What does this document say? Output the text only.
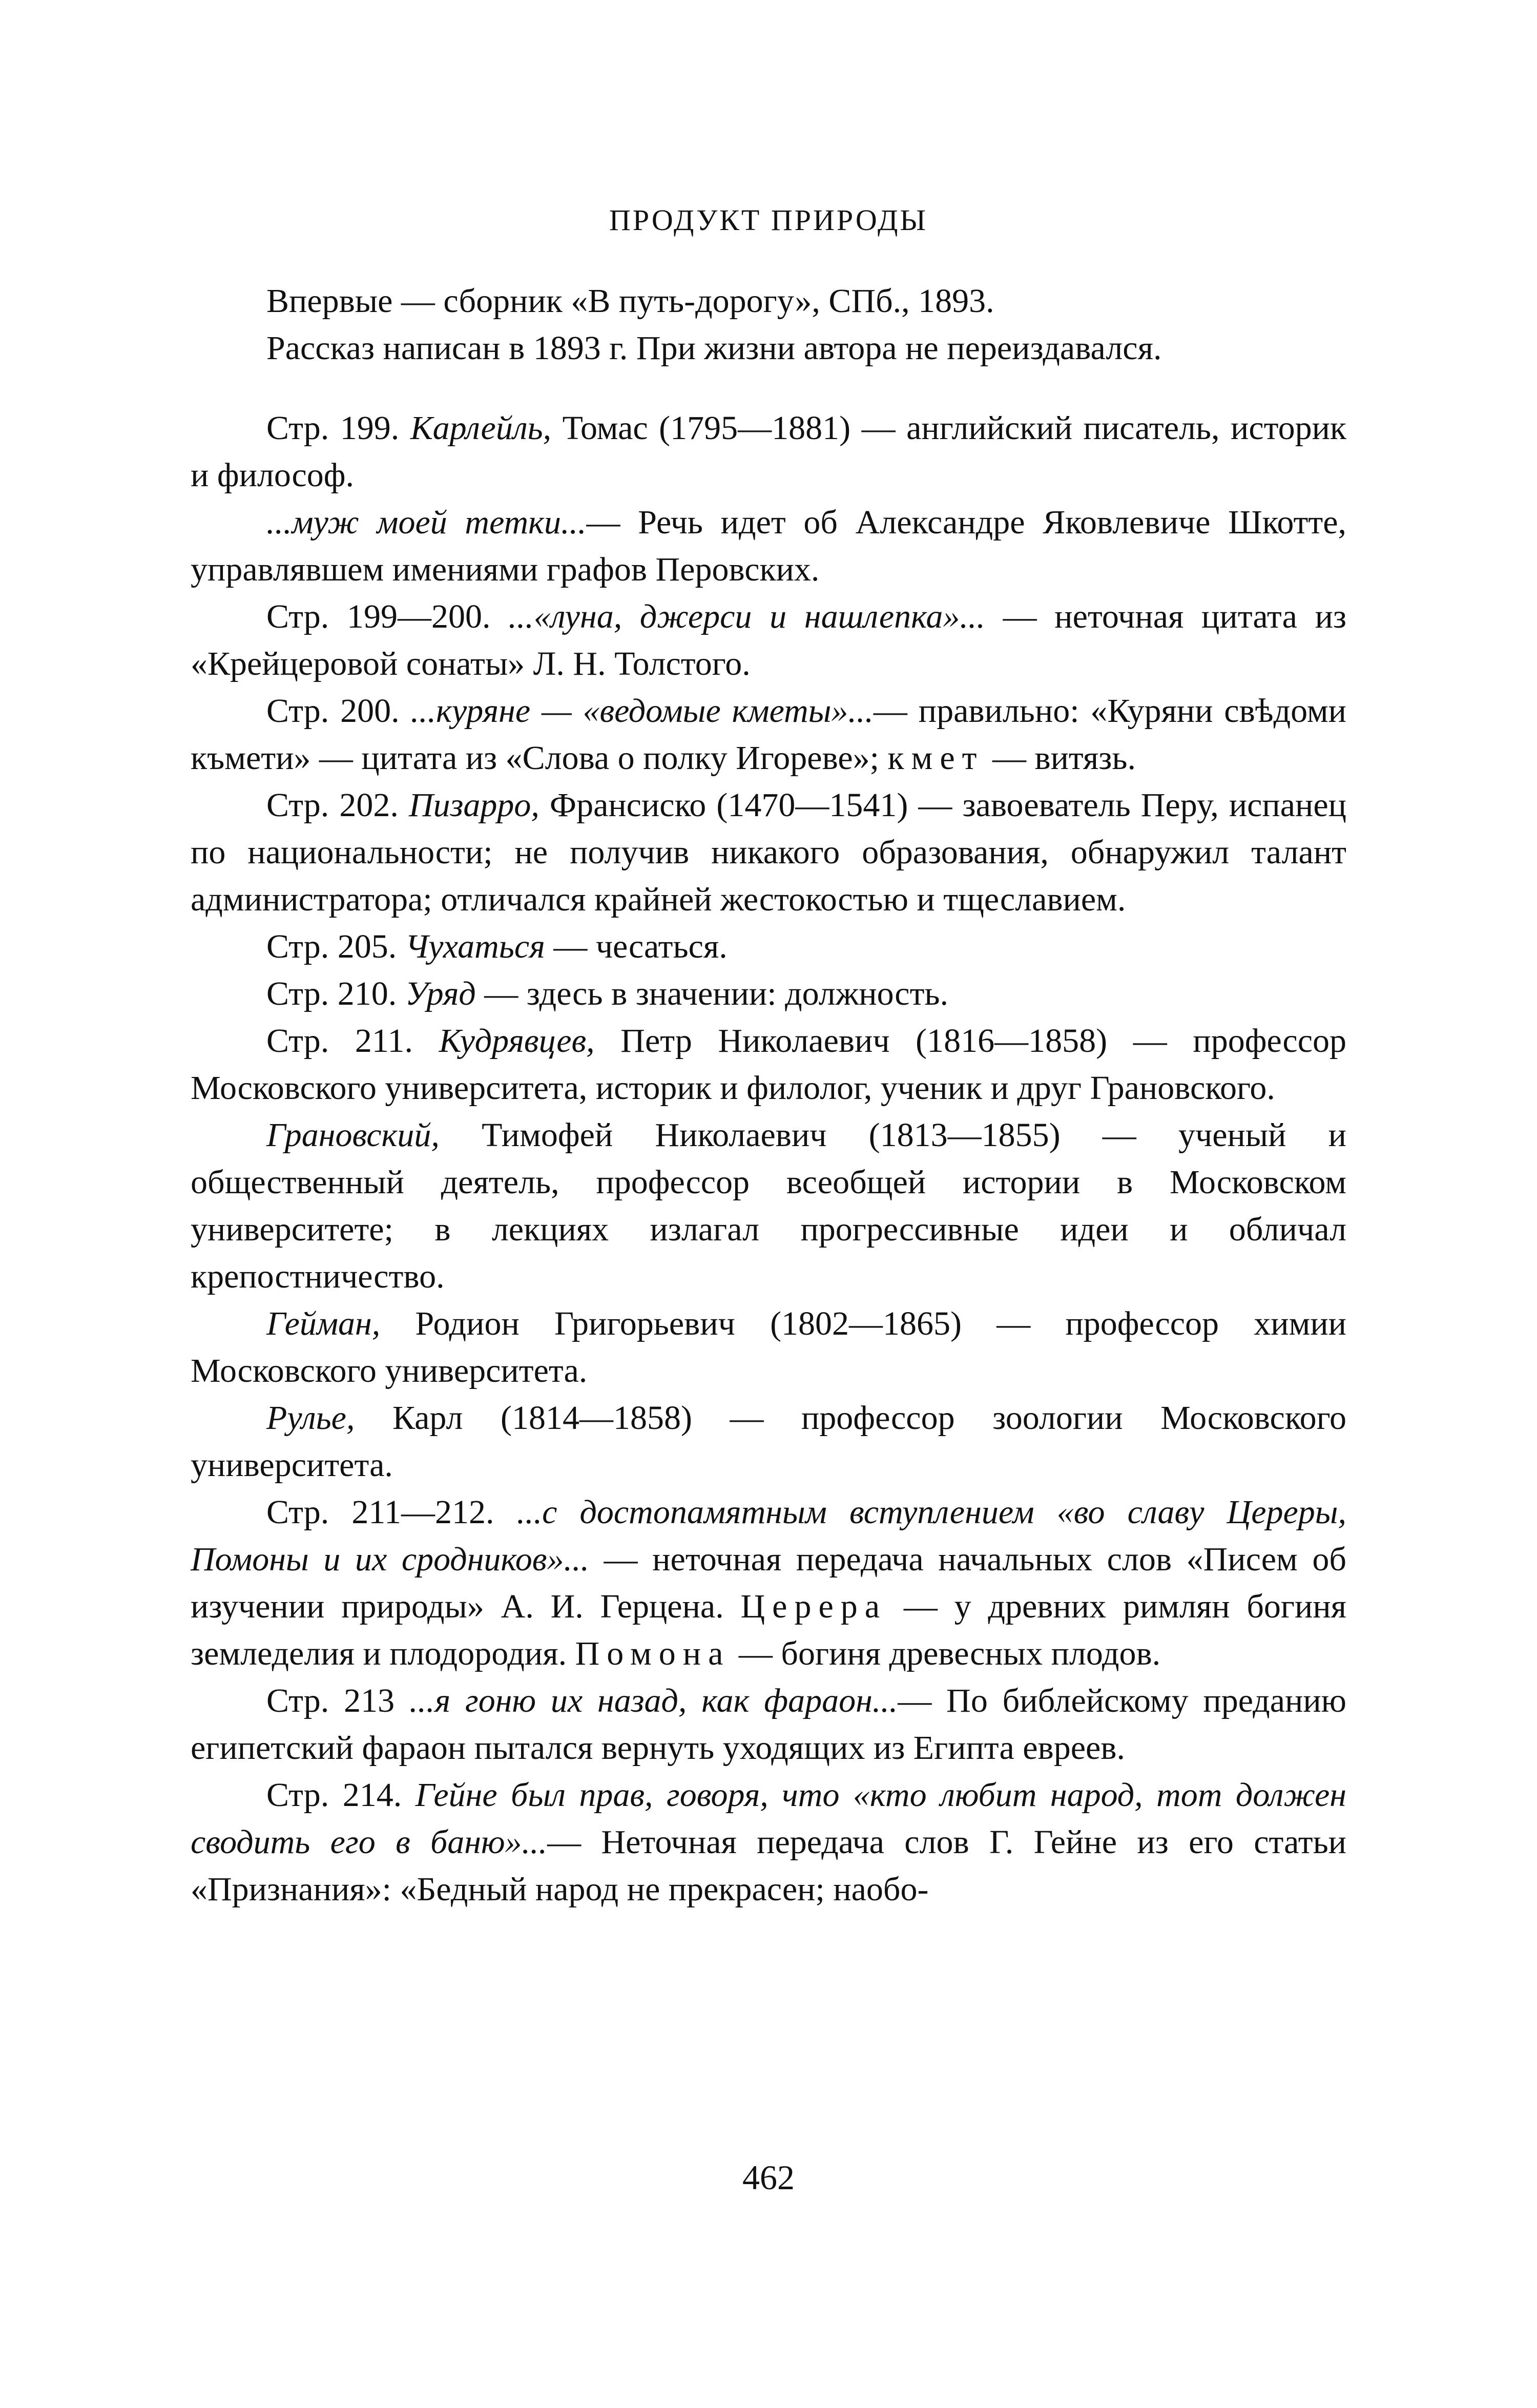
ПРОДУКТ ПРИРОДЫ

Впервые — сборник «В путь-дорогу», СПб., 1893.

Рассказ написан в 1893 г. При жизни автора не переиздавался.

Стр. 199. Карлейль, Томас (1795—1881) — английский писатель, историк и философ.

...муж моей тетки...— Речь идет об Александре Яковлевиче Шкотте, управлявшем имениями графов Перовских.

Стр. 199—200. ...«луна, джерси и нашлепка»... — неточная цитата из «Крейцеровой сонаты» Л. Н. Толстого.

Стр. 200. ...куряне — «ведомые кметы»...— правильно: «Куряни свѣдоми къмети» — цитата из «Слова о полку Игореве»; кмет — витязь.

Стр. 202. Пизарро, Франсиско (1470—1541) — завоеватель Перу, испанец по национальности; не получив никакого образования, обнаружил талант администратора; отличался крайней жестокостью и тщеславием.

Стр. 205. Чухаться — чесаться.

Стр. 210. Уряд — здесь в значении: должность.

Стр. 211. Кудрявцев, Петр Николаевич (1816—1858) — профессор Московского университета, историк и филолог, ученик и друг Грановского.

Грановский, Тимофей Николаевич (1813—1855) — ученый и общественный деятель, профессор всеобщей истории в Московском университете; в лекциях излагал прогрессивные идеи и обличал крепостничество.

Гейман, Родион Григорьевич (1802—1865) — профессор химии Московского университета.

Рулье, Карл (1814—1858) — профессор зоологии Московского университета.

Стр. 211—212. ...с достопамятным вступлением «во славу Цереры, Помоны и их сродников»... — неточная передача начальных слов «Писем об изучении природы» А. И. Герцена. Церера — у древних римлян богиня земледелия и плодородия. Помона — богиня древесных плодов.

Стр. 213 ...я гоню их назад, как фараон...— По библейскому преданию египетский фараон пытался вернуть уходящих из Египта евреев.

Стр. 214. Гейне был прав, говоря, что «кто любит народ, тот должен сводить его в баню»...— Неточная передача слов Г. Гейне из его статьи «Признания»: «Бедный народ не прекрасен; наобо-

462
